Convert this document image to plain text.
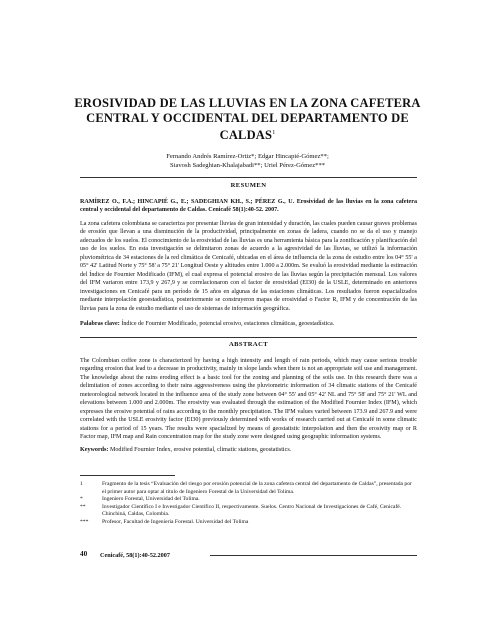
EROSIVIDAD DE LAS LLUVIAS EN LA ZONA CAFETERA CENTRAL Y OCCIDENTAL DEL DEPARTAMENTO DE CALDAS$^1$
Fernando Andrés Ramírez-Ortiz*; Edgar Hincapié-Gómez**;
Siavosh Sadeghian-Khalajabadi**; Uriel Pérez-Gómez***
RESUMEN
RAMÍREZ O., F.A.; HINCAPIÉ G., E.; SADEGHIAN KH., S.; PÉREZ G., U. Erosividad de las lluvias en la zona cafetera central y occidental del departamento de Caldas. Cenicafé 58(1):40-52. 2007.
La zona cafetera colombiana se caracteriza por presentar lluvias de gran intensidad y duración, las cuales pueden causar graves problemas de erosión que llevan a una disminución de la productividad, principalmente en zonas de ladera, cuando no se da el uso y manejo adecuados de los suelos. El conocimiento de la erosividad de las lluvias es una herramienta básica para la zonificación y planificación del uso de los suelos. En esta investigación se delimitaron zonas de acuerdo a la agresividad de las lluvias, se utilizó la información pluviométrica de 34 estaciones de la red climática de Cenicafé, ubicadas en el área de influencia de la zona de estudio entre los 04° 55' a 05° 42' Latitud Norte y 75° 58' a 75° 21' Longitud Oeste y altitudes entre 1.000 a 2.000m. Se evaluó la erosividad mediante la estimación del Índice de Fournier Modificado (IFM), el cual expresa el potencial erosivo de las lluvias según la precipitación mensual. Los valores del IFM variaron entre 173,9 y 267,9 y se correlacionaron con el factor de erosividad (EI30) de la USLE, determinado en anteriores investigaciones en Cenicafé para un período de 15 años en algunas de las estaciones climáticas. Los resultados fueron espacializados mediante interpolación geoestadística, posteriormente se construyeron mapas de erosividad o Factor R, IFM y de concentración de las lluvias para la zona de estudio mediante el uso de sistemas de información geográfica.
Palabras clave: Índice de Fournier Modificado, potencial erosivo, estaciones climáticas, geoestadística.
ABSTRACT
The Colombian coffee zone is characterized by having a high intensity and length of rain periods, which may cause serious trouble regarding erosion that lead to a decrease in productivity, mainly in slope lands when there is not an appropriate soil use and management. The knowledge about the rains eroding effect is a basic tool for the zoning and planning of the soils use. In this research there was a delimitation of zones according to their rains aggressiveness using the pluviometric information of 34 climatic stations of the Cenicafé meteorological network located in the influence area of the study zone between 04° 55' and 05° 42' NL and 75° 58' and 75° 21' WL and elevations between 1.000 and 2.000m. The erosivity was evaluated through the estimation of the Modified Fournier Index (IFM), which expresses the erosive potential of rains according to the monthly precipitation. The IFM values varied between 173.9 and 267.9 and were correlated with the USLE erosivity factor (EI30) previously determined with works of research carried out at Cenicafé in some climatic stations for a period of 15 years. The results were spacialized by means of geostatistic interpolation and then the erosivity map or R Factor map, IFM map and Rain concentration map for the study zone were designed using geographic information systems.
Keywords: Modified Fournier Index, erosive potential, climatic stations, geostatistics.
1	Fragmento de la tesis “Evaluación del riesgo por erosión potencial de la zona cafetera central del departamento de Caldas”, presentada por el primer autor para optar al título de Ingeniero Forestal de la Universidad del Tolima.
*	Ingeniero Forestal, Universidad del Tolima.
**	Investigador Científico I e Investigador Científico II, respectivamente. Suelos. Centro Nacional de Investigaciones de Café, Cenicafé. Chinchiná, Caldas, Colombia.
*** Profesor, Facultad de Ingeniería Forestal. Universidad del Tolima
40 Cenicafé, 58(1):40-52.2007
